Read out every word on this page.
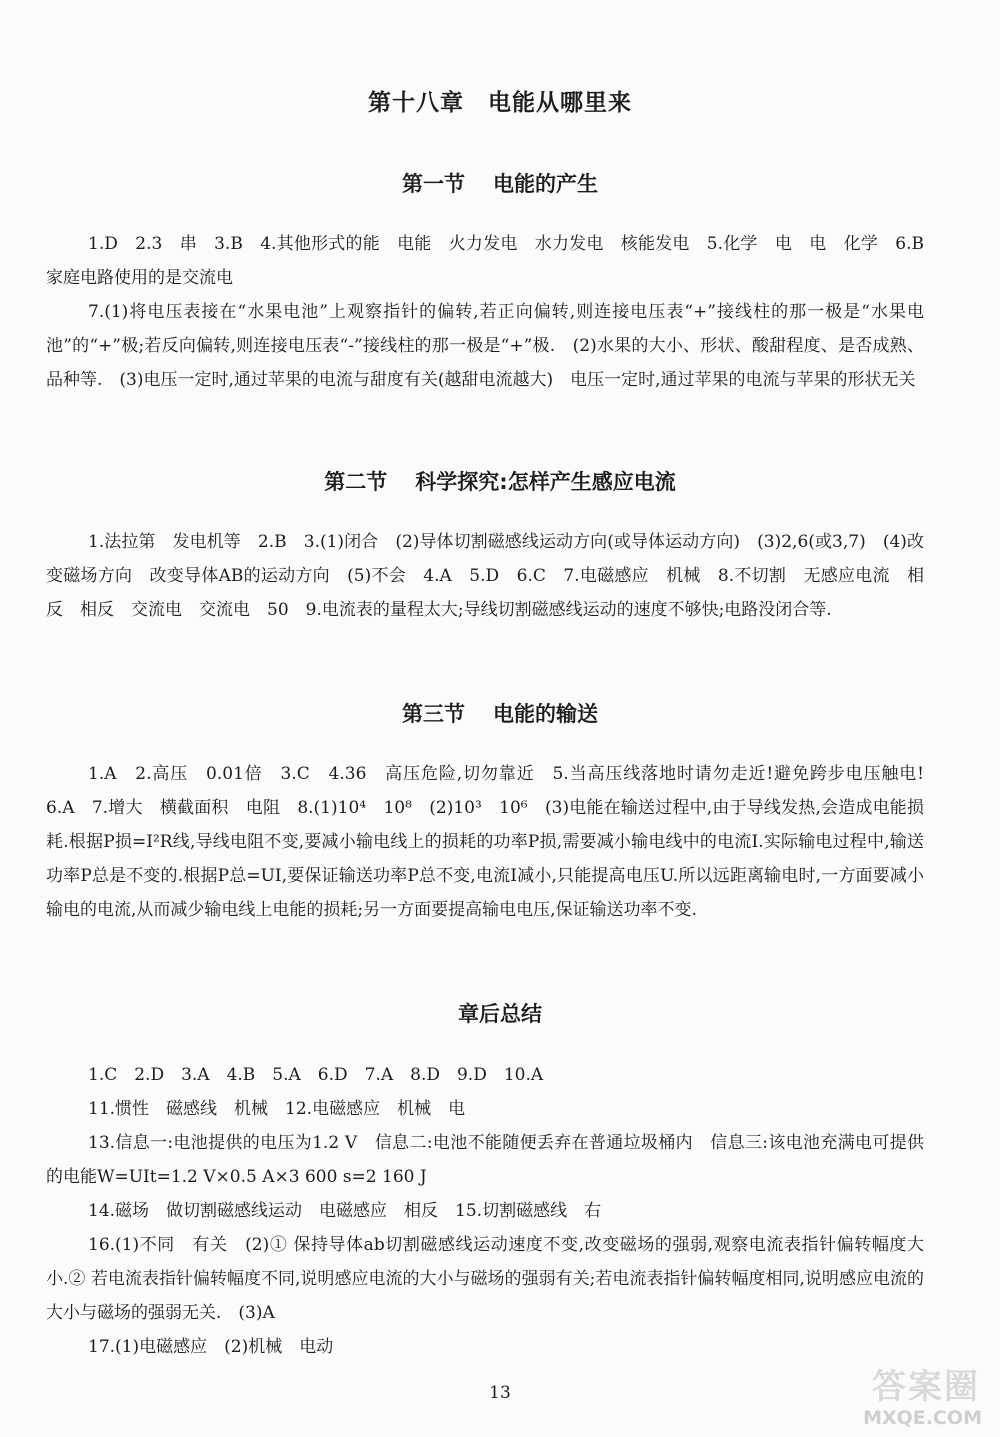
第十八章　电能从哪里来
第一节 电能的产生
1.D　2.3　串　3.B　4.其他形式的能　电能　火力发电　水力发电　核能发电　5.化学　电　电　化学　6.B　家庭电路使用的是交流电
7.(1)将电压表接在“水果电池”上观察指针的偏转,若正向偏转,则连接电压表“+”接线柱的那一极是“水果电池”的“+”极;若反向偏转,则连接电压表“-”接线柱的那一极是“+”极.　(2)水果的大小、形状、酸甜程度、是否成熟、品种等.　(3)电压一定时,通过苹果的电流与甜度有关(越甜电流越大)　电压一定时,通过苹果的电流与苹果的形状无关
第二节 科学探究:怎样产生感应电流
1.法拉第　发电机等　2.B　3.(1)闭合　(2)导体切割磁感线运动方向(或导体运动方向)　(3)2,6(或3,7)　(4)改变磁场方向　改变导体AB的运动方向　(5)不会　4.A　5.D　6.C　7.电磁感应　机械　8.不切割　无感应电流　相反　相反　交流电　交流电　50　9.电流表的量程太大;导线切割磁感线运动的速度不够快;电路没闭合等.
第三节 电能的输送
1.A　2.高压　0.01倍　3.C　4.36　高压危险,切勿靠近　5.当高压线落地时请勿走近!避免跨步电压触电!　6.A　7.增大　横截面积　电阻　8.(1)10⁴　10⁸　(2)10³　10⁶　(3)电能在输送过程中,由于导线发热,会造成电能损耗.根据P损=I²R线,导线电阻不变,要减小输电线上的损耗的功率P损,需要减小输电线中的电流I.实际输电过程中,输送功率P总是不变的.根据P总=UI,要保证输送功率P总不变,电流I减小,只能提高电压U.所以远距离输电时,一方面要减小输电的电流,从而减少输电线上电能的损耗;另一方面要提高输电电压,保证输送功率不变.
章后总结
1.C　2.D　3.A　4.B　5.A　6.D　7.A　8.D　9.D　10.A
11.惯性　磁感线　机械　12.电磁感应　机械　电
13.信息一:电池提供的电压为1.2 V　信息二:电池不能随便丢弃在普通垃圾桶内　信息三:该电池充满电可提供的电能W=UIt=1.2 V×0.5 A×3 600 s=2 160 J
14.磁场　做切割磁感线运动　电磁感应　相反　15.切割磁感线　右
16.(1)不同　有关　(2)① 保持导体ab切割磁感线运动速度不变,改变磁场的强弱,观察电流表指针偏转幅度大小.② 若电流表指针偏转幅度不同,说明感应电流的大小与磁场的强弱有关;若电流表指针偏转幅度相同,说明感应电流的大小与磁场的强弱无关.　(3)A
17.(1)电磁感应　(2)机械　电动
13	答案圈
MXQE.COM
